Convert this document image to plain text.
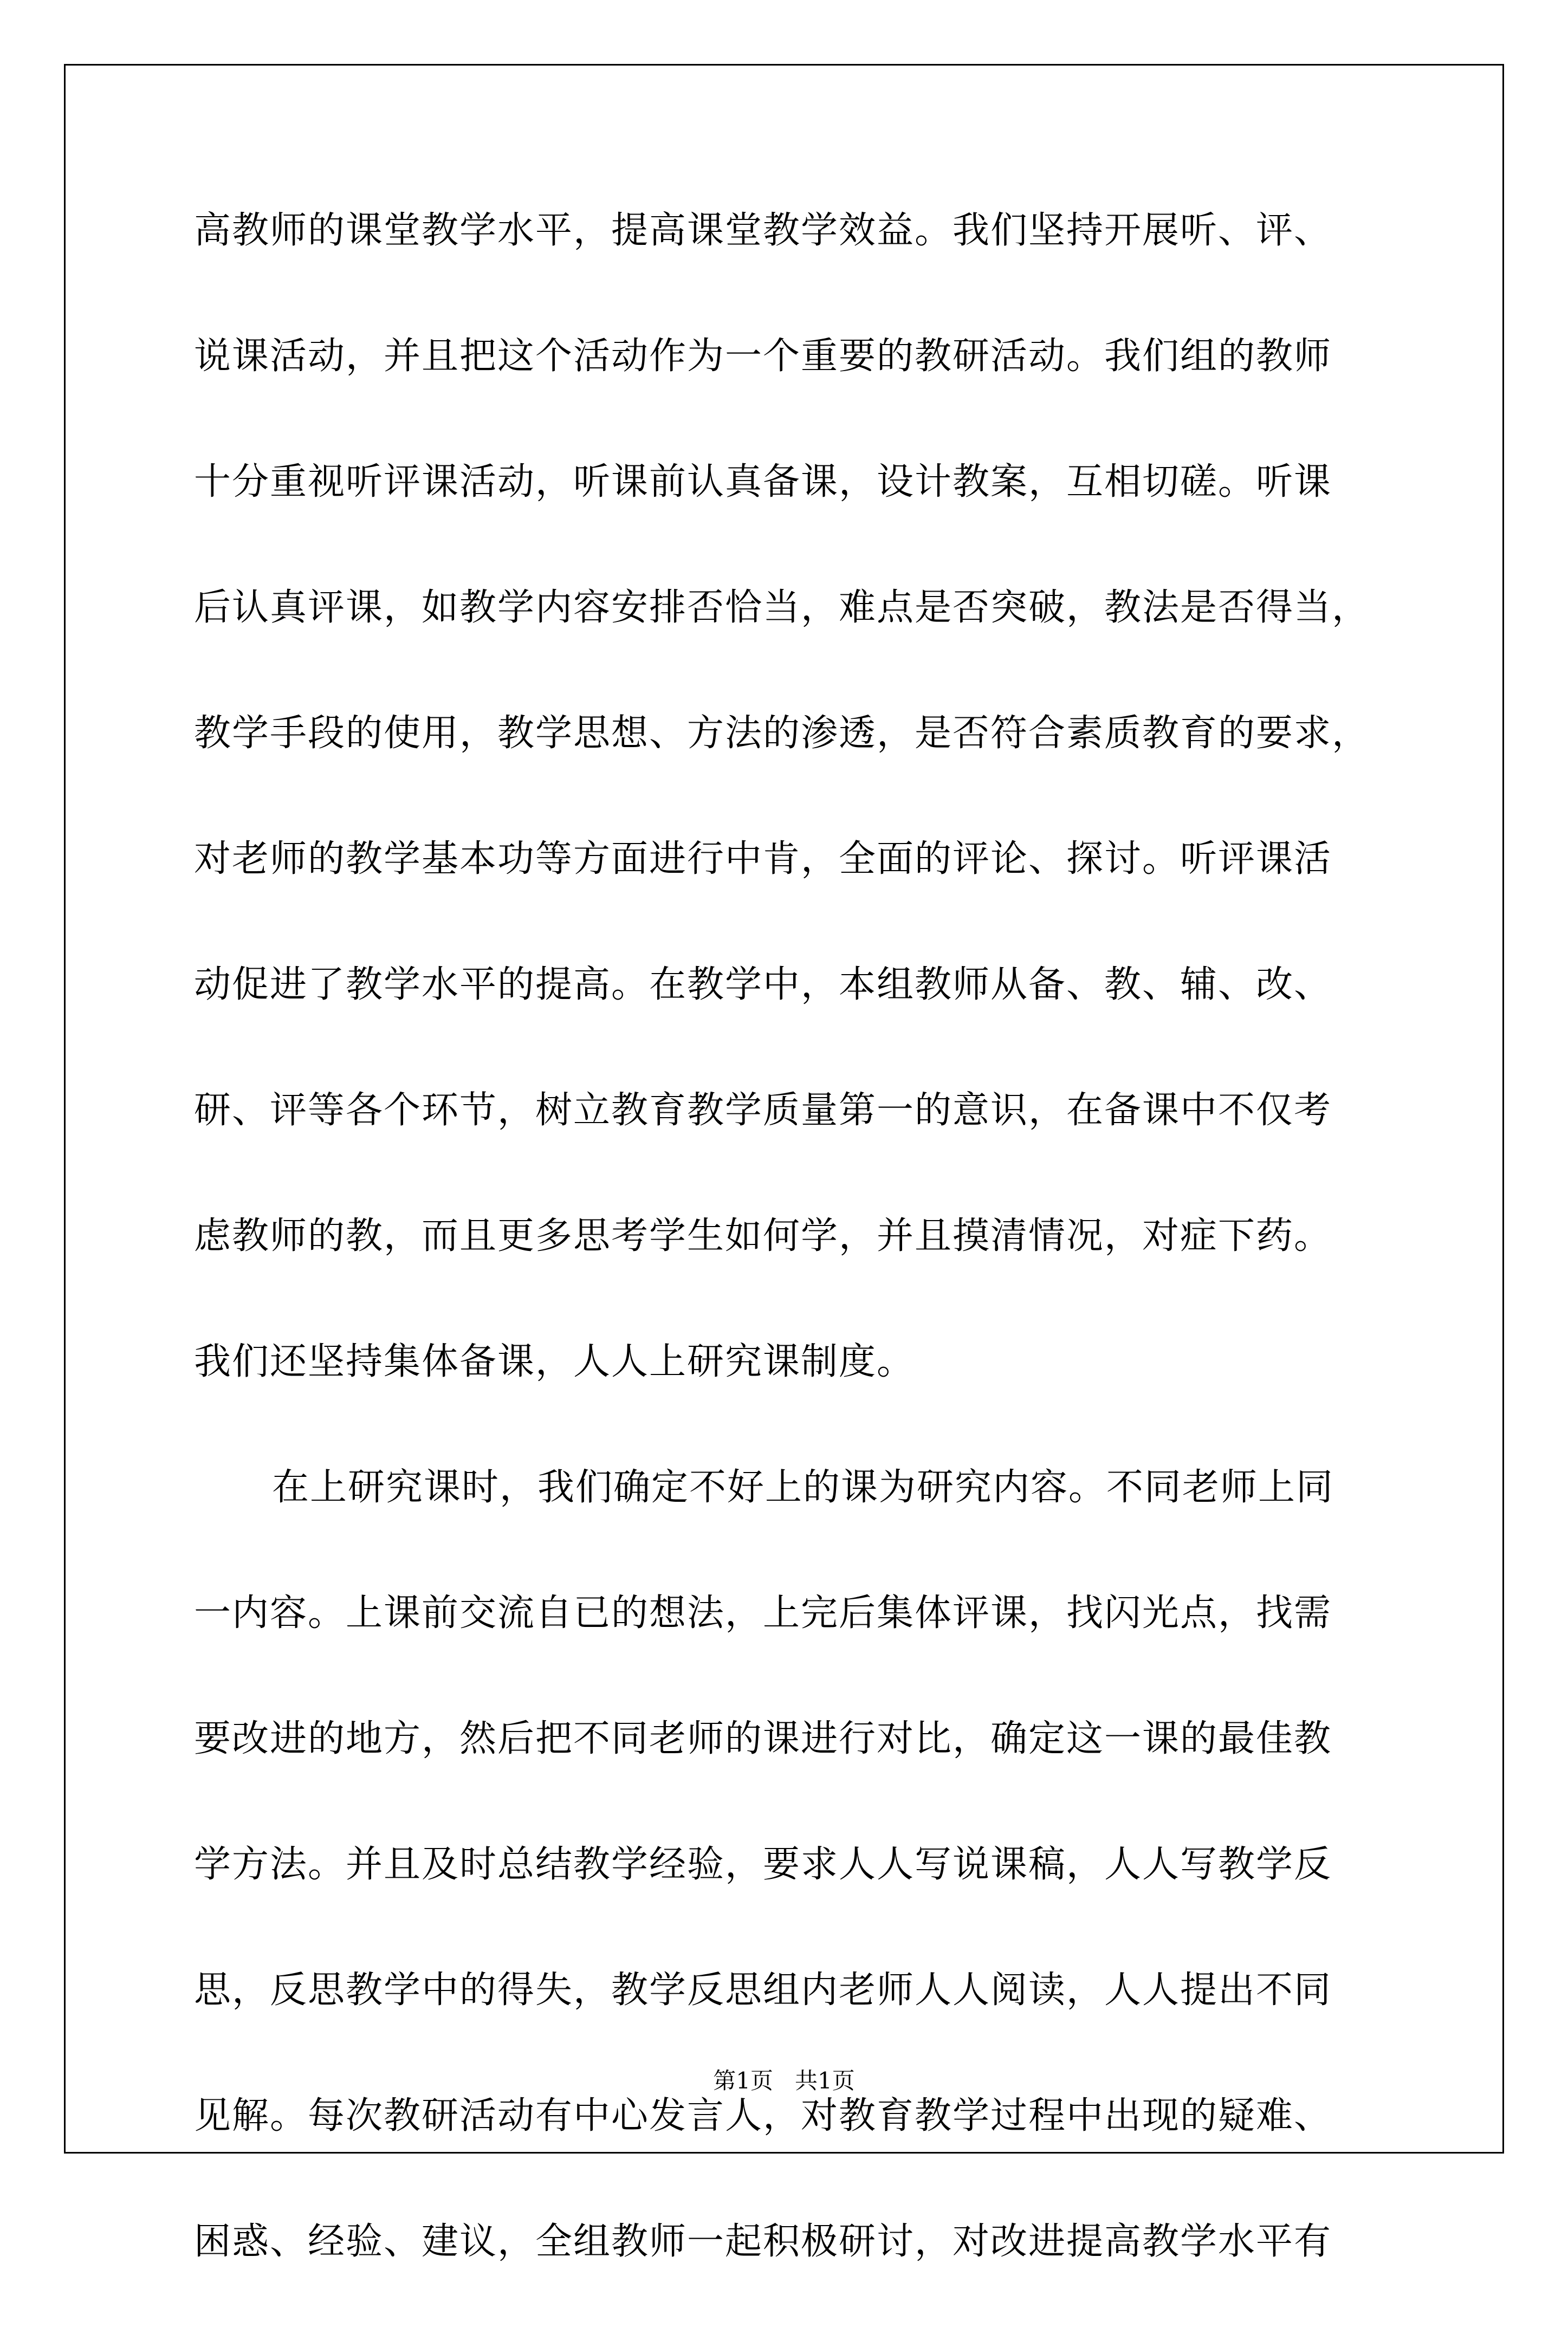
高教师的课堂教学水平，提高课堂教学效益。我们坚持开展听、评、
说课活动，并且把这个活动作为一个重要的教研活动。我们组的教师
十分重视听评课活动，听课前认真备课，设计教案，互相切磋。听课
后认真评课，如教学内容安排否恰当，难点是否突破，教法是否得当，
教学手段的使用，教学思想、方法的渗透，是否符合素质教育的要求，
对老师的教学基本功等方面进行中肯，全面的评论、探讨。听评课活
动促进了教学水平的提高。在教学中，本组教师从备、教、辅、改、
研、评等各个环节，树立教育教学质量第一的意识，在备课中不仅考
虑教师的教，而且更多思考学生如何学，并且摸清情况，对症下药。
我们还坚持集体备课，人人上研究课制度。
在上研究课时，我们确定不好上的课为研究内容。不同老师上同
一内容。上课前交流自已的想法，上完后集体评课，找闪光点，找需
要改进的地方，然后把不同老师的课进行对比，确定这一课的最佳教
学方法。并且及时总结教学经验，要求人人写说课稿，人人写教学反
思，反思教学中的得失，教学反思组内老师人人阅读，人人提出不同
见解。每次教研活动有中心发言人，对教育教学过程中出现的疑难、
困惑、经验、建议，全组教师一起积极研讨，对改进提高教学水平有
第1页 共1页
